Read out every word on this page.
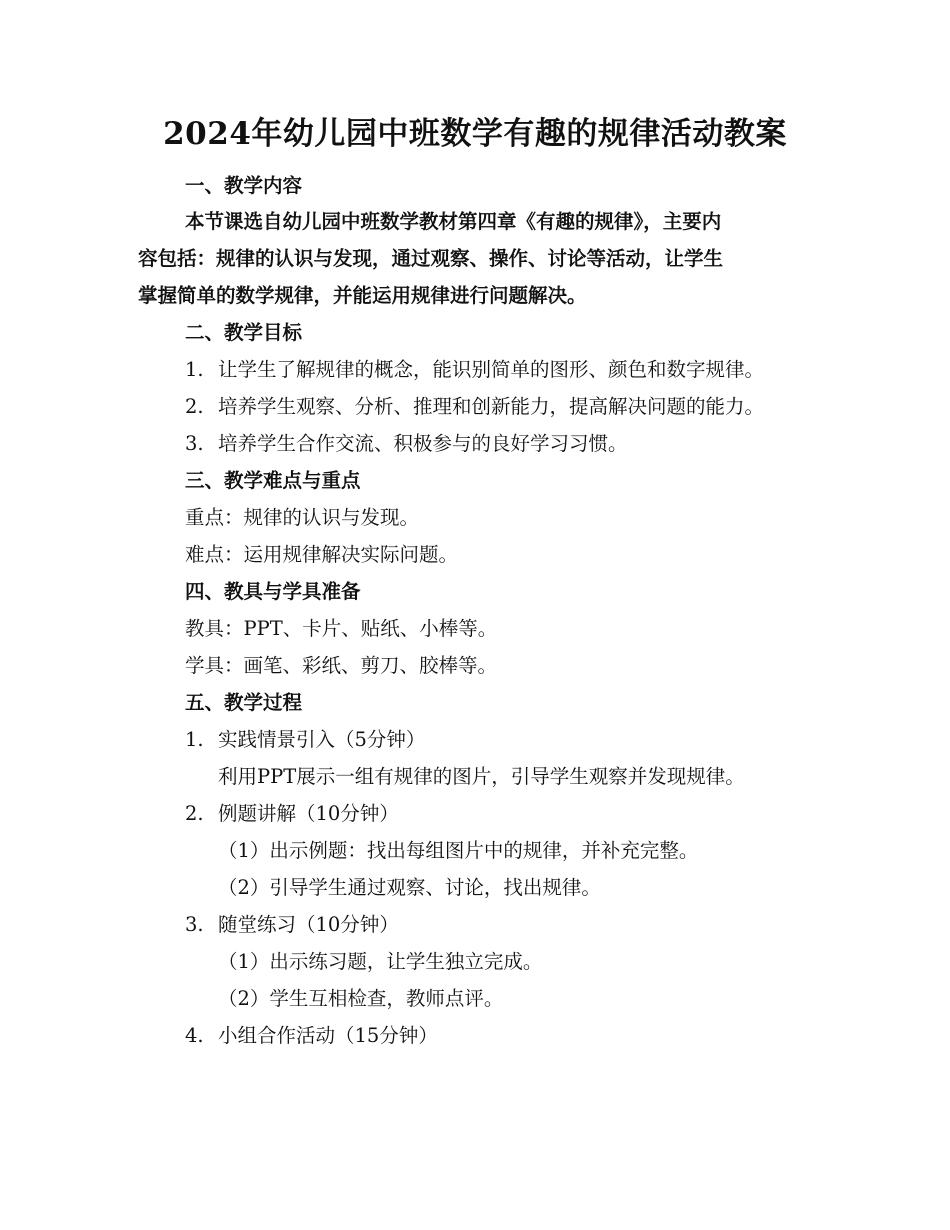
2024年幼儿园中班数学有趣的规律活动教案
一、教学内容
本节课选自幼儿园中班数学教材第四章《有趣的规律》，主要内
容包括：规律的认识与发现，通过观察、操作、讨论等活动，让学生
掌握简单的数学规律，并能运用规律进行问题解决。
二、教学目标
1. 让学生了解规律的概念，能识别简单的图形、颜色和数字规律。
2. 培养学生观察、分析、推理和创新能力，提高解决问题的能力。
3. 培养学生合作交流、积极参与的良好学习习惯。
三、教学难点与重点
重点：规律的认识与发现。
难点：运用规律解决实际问题。
四、教具与学具准备
教具：PPT、卡片、贴纸、小棒等。
学具：画笔、彩纸、剪刀、胶棒等。
五、教学过程
1. 实践情景引入（5分钟）
利用PPT展示一组有规律的图片，引导学生观察并发现规律。
2. 例题讲解（10分钟）
（1）出示例题：找出每组图片中的规律，并补充完整。
（2）引导学生通过观察、讨论，找出规律。
3. 随堂练习（10分钟）
（1）出示练习题，让学生独立完成。
（2）学生互相检查，教师点评。
4. 小组合作活动（15分钟）
